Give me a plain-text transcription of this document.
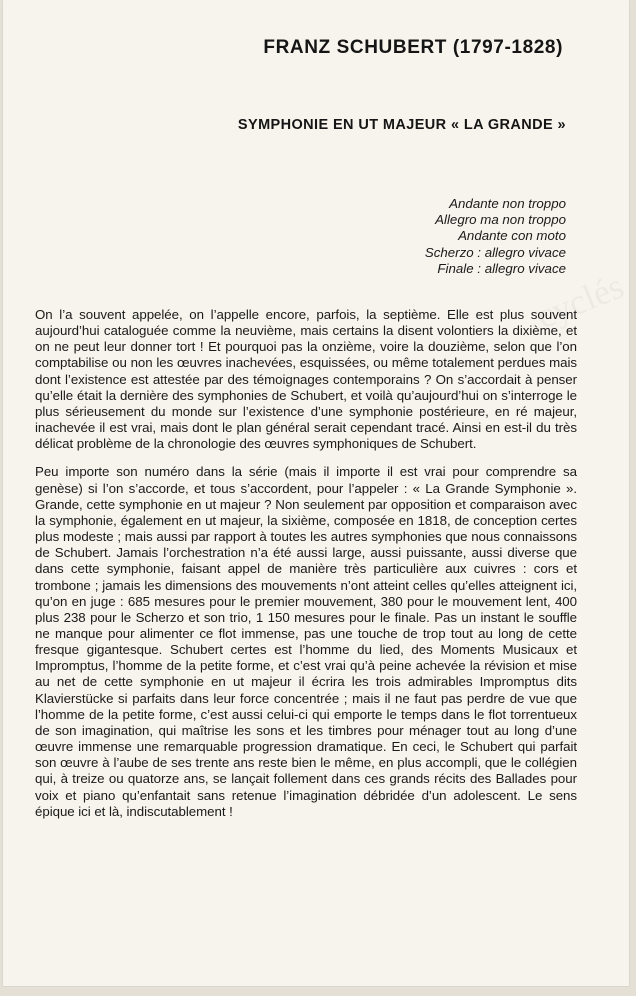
cyclés
FRANZ SCHUBERT (1797-1828)
SYMPHONIE EN UT MAJEUR « LA GRANDE »
Andante non troppo
Allegro ma non troppo
Andante con moto
Scherzo : allegro vivace
Finale : allegro vivace

On l’a souvent appelée, on l’appelle encore, parfois, la septième. Elle est plus souvent aujourd’hui cataloguée comme la neuvième, mais certains la disent volontiers la dixième, et on ne peut leur donner tort ! Et pourquoi pas la onzième, voire la douzième, selon que l’on comptabilise ou non les œuvres inachevées, esquissées, ou même totalement perdues mais dont l’existence est attestée par des témoignages contemporains ? On s’accordait à penser qu’elle était la dernière des symphonies de Schubert, et voilà qu’aujourd’hui on s’interroge le plus sérieusement du monde sur l’existence d’une symphonie postérieure, en ré majeur, inachevée il est vrai, mais dont le plan général serait cependant tracé. Ainsi en est-il du très délicat problème de la chronologie des œuvres symphoniques de Schubert.

Peu importe son numéro dans la série (mais il importe il est vrai pour comprendre sa genèse) si l’on s’accorde, et tous s’accordent, pour l’appeler : « La Grande Symphonie ». Grande, cette symphonie en ut majeur ? Non seulement par opposition et comparaison avec la symphonie, également en ut majeur, la sixième, composée en 1818, de conception certes plus modeste ; mais aussi par rapport à toutes les autres symphonies que nous connaissons de Schubert. Jamais l’orchestration n’a été aussi large, aussi puissante, aussi diverse que dans cette symphonie, faisant appel de manière très particulière aux cuivres : cors et trombone ; jamais les dimensions des mouvements n’ont atteint celles qu’elles atteignent ici, qu’on en juge : 685 mesures pour le premier mouvement, 380 pour le mouvement lent, 400 plus 238 pour le Scherzo et son trio, 1 150 mesures pour le finale. Pas un instant le souffle ne manque pour alimenter ce flot immense, pas une touche de trop tout au long de cette fresque gigantesque. Schubert certes est l’homme du lied, des Moments Musicaux et Impromptus, l’homme de la petite forme, et c’est vrai qu’à peine achevée la révision et mise au net de cette symphonie en ut majeur il écrira les trois admirables Impromptus dits Klavierstücke si parfaits dans leur force concentrée ; mais il ne faut pas perdre de vue que l’homme de la petite forme, c’est aussi celui-ci qui emporte le temps dans le flot torrentueux de son imagination, qui maîtrise les sons et les timbres pour ménager tout au long d’une œuvre immense une remarquable progression dramatique. En ceci, le Schubert qui parfait son œuvre à l’aube de ses trente ans reste bien le même, en plus accompli, que le collégien qui, à treize ou quatorze ans, se lançait follement dans ces grands récits des Ballades pour voix et piano qu’enfantait sans retenue l’imagination débridée d’un adolescent. Le sens épique ici et là, indiscutablement !
